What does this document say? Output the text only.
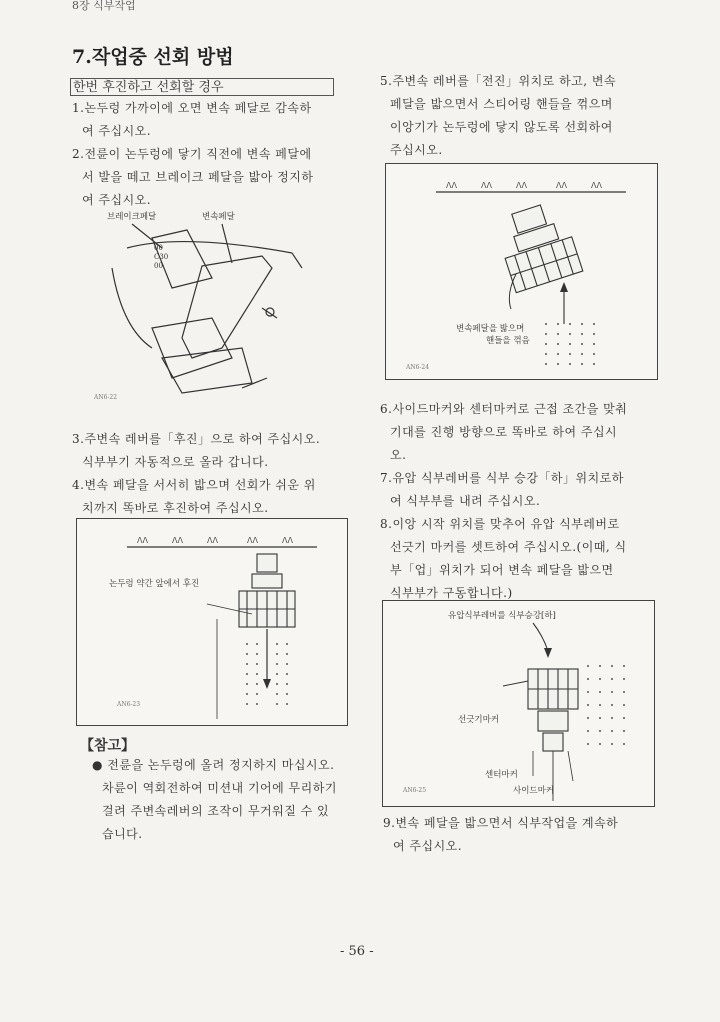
8장 식부작업
7.작업중 선회 방법
한번 후진하고 선회할 경우
1.논두렁 가까이에 오면 변속 페달로 감속하
여 주십시오.
2.전륜이 논두렁에 닿기 직전에 변속 페달에
서 발을 떼고 브레이크 페달을 밟아 정지하
여 주십시오.
브레이크페달	변속페달
00 C30 00
AN6-22
3.주변속 레버를「후진」으로 하여 주십시오.
식부부기 자동적으로 올라 갑니다.
4.변속 페달을 서서히 밟으며 선회가 쉬운 위
치까지 똑바로 후진하여 주십시오.
ᐱᐱ	ᐱᐱ	ᐱᐱ	ᐱᐱ	ᐱᐱ
논두렁 약간 앞에서 후진
AN6-23
【참고】
● 전륜을 논두렁에 올려 정지하지 마십시오.
차륜이 역회전하여 미션내 기어에 무리하기
걸려 주변속레버의 조작이 무거워질 수 있
습니다.
5.주변속 레버를「전진」위치로 하고, 변속
페달을 밟으면서 스티어링 핸들을 꺾으며
이앙기가 논두렁에 닿지 않도록 선회하여
주십시오.
ᐱᐱ	ᐱᐱ	ᐱᐱ	ᐱᐱ	ᐱᐱ
변속페달을 밟으며
핸들을 꺾음
AN6-24
6.사이드마커와 센터마커로 근접 조간을 맞춰
기대를 진행 방향으로 똑바로 하여 주십시
오.
7.유압 식부레버를 식부 승강「하」위치로하
여 식부부를 내려 주십시오.
8.이앙 시작 위치를 맞추어 유압 식부레버로
선긋기 마커를 셋트하여 주십시오.(이때, 식
부「업」위치가 되어 변속 페달을 밟으면
식부부가 구동합니다.)
유압식부레버를 식부승강[하]
선긋기마커
센터마커
사이드마커
AN6-25
9.변속 페달을 밟으면서 식부작업을 계속하
여 주십시오.
- 56 -
